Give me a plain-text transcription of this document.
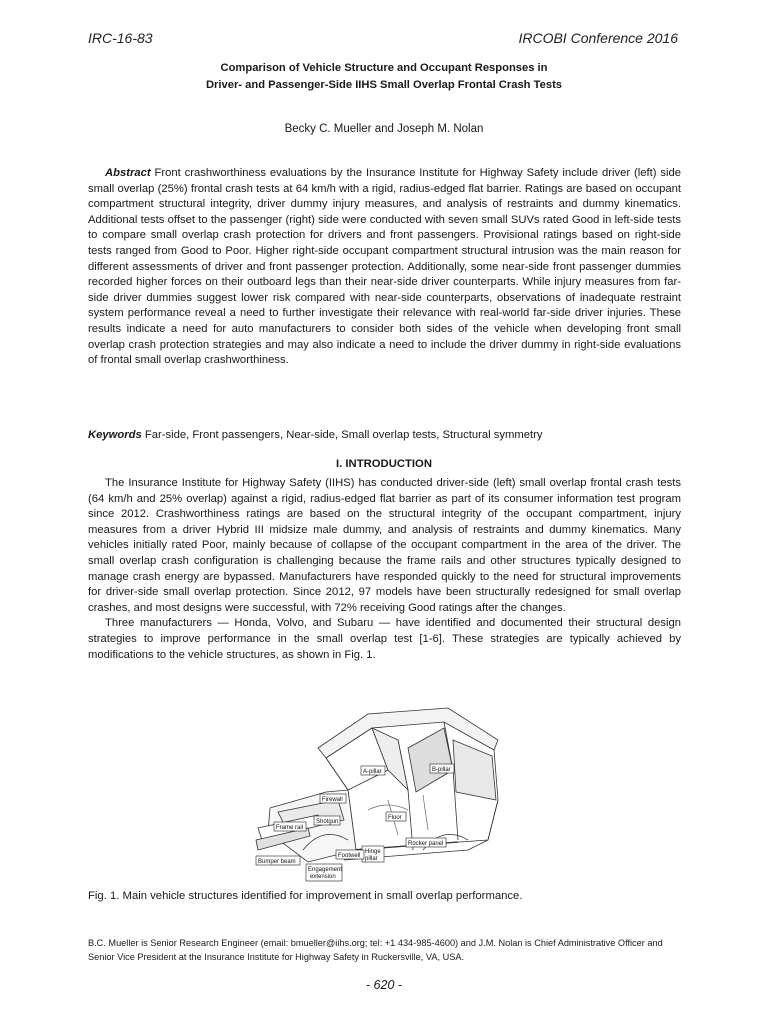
IRC-16-83	IRCOBI Conference 2016
Comparison of Vehicle Structure and Occupant Responses in
Driver- and Passenger-Side IIHS Small Overlap Frontal Crash Tests
Becky C. Mueller and Joseph M. Nolan
Abstract Front crashworthiness evaluations by the Insurance Institute for Highway Safety include driver (left) side small overlap (25%) frontal crash tests at 64 km/h with a rigid, radius-edged flat barrier. Ratings are based on occupant compartment structural integrity, driver dummy injury measures, and analysis of restraints and dummy kinematics. Additional tests offset to the passenger (right) side were conducted with seven small SUVs rated Good in left-side tests to compare small overlap crash protection for drivers and front passengers. Provisional ratings based on right-side tests ranged from Good to Poor. Higher right-side occupant compartment structural intrusion was the main reason for different assessments of driver and front passenger protection. Additionally, some near-side front passenger dummies recorded higher forces on their outboard legs than their near-side driver counterparts. While injury measures from far-side driver dummies suggest lower risk compared with near-side counterparts, observations of inadequate restraint system performance reveal a need to further investigate their relevance with real-world far-side driver injuries. These results indicate a need for auto manufacturers to consider both sides of the vehicle when developing front small overlap crash protection strategies and may also indicate a need to include the driver dummy in right-side evaluations of frontal small overlap crashworthiness.
Keywords Far-side, Front passengers, Near-side, Small overlap tests, Structural symmetry
I. INTRODUCTION

The Insurance Institute for Highway Safety (IIHS) has conducted driver-side (left) small overlap frontal crash tests (64 km/h and 25% overlap) against a rigid, radius-edged flat barrier as part of its consumer information test program since 2012. Crashworthiness ratings are based on the structural integrity of the occupant compartment, injury measures from a driver Hybrid III midsize male dummy, and analysis of restraints and dummy kinematics. Many vehicles initially rated Poor, mainly because of collapse of the occupant compartment in the area of the driver. The small overlap crash configuration is challenging because the frame rails and other structures typically designed to manage crash energy are bypassed. Manufacturers have responded quickly to the need for structural improvements for driver-side small overlap protection. Since 2012, 97 models have been structurally redesigned for small overlap crashes, and most designs were successful, with 72% receiving Good ratings after the changes.

Three manufacturers — Honda, Volvo, and Subaru — have identified and documented their structural design strategies to improve performance in the small overlap test [1-6]. These strategies are typically achieved by modifications to the vehicle structures, as shown in Fig. 1.

A-pillar	B-pillar
Firewall
Shotgun
Frame rail
Floor
Rocker panel
Hinge
pillar
Footwell
Bumper beam
Engagement
extension
Fig. 1. Main vehicle structures identified for improvement in small overlap performance.
B.C. Mueller is Senior Research Engineer (email: bmueller@iihs.org; tel: +1 434-985-4600) and J.M. Nolan is Chief Administrative Officer and Senior Vice President at the Insurance Institute for Highway Safety in Ruckersville, VA, USA.
- 620 -
